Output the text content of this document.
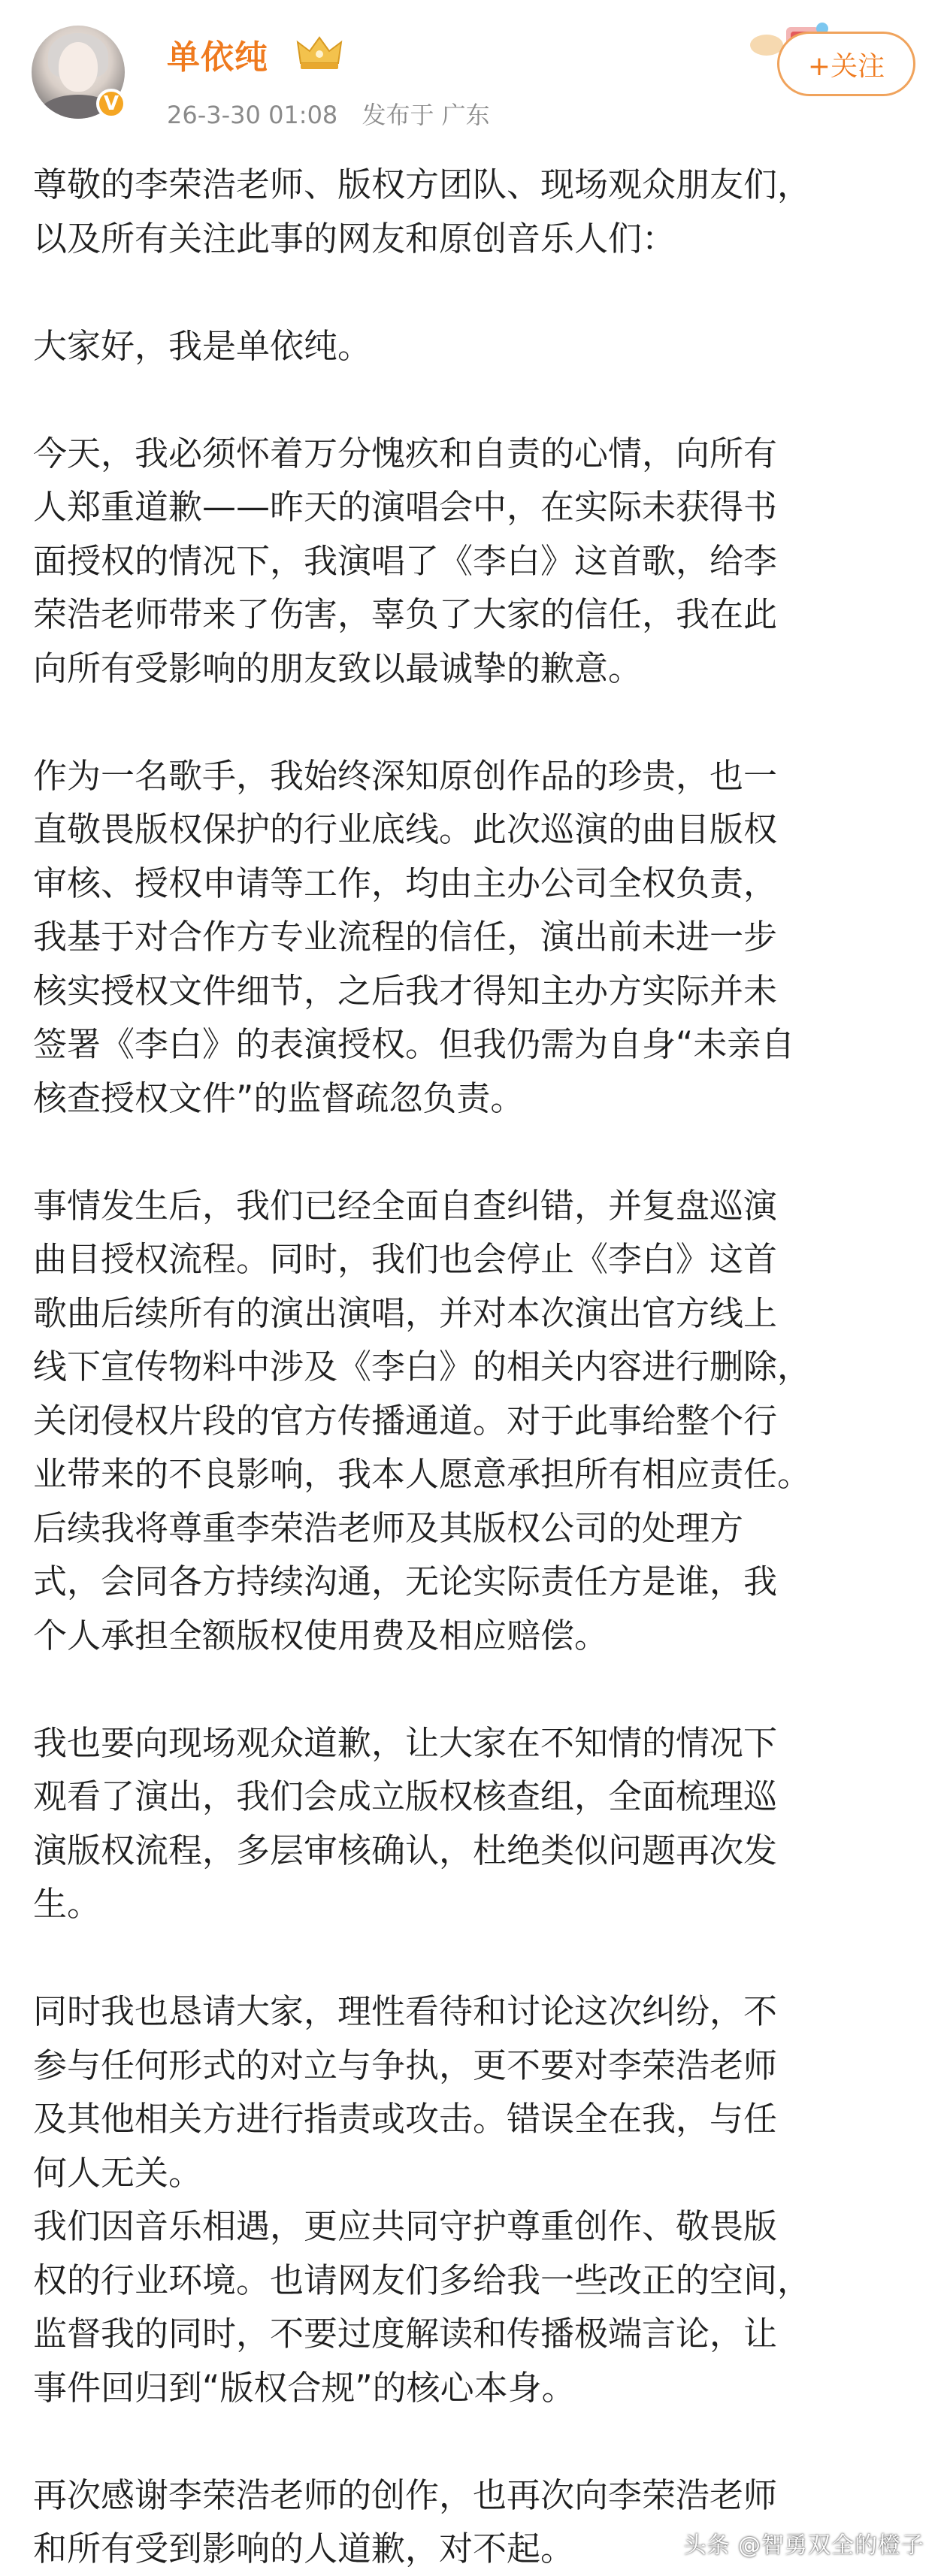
V
单依纯
26-3-30 01:08 发布于 广东
+关注

尊敬的李荣浩老师、版权方团队、现场观众朋友们，
以及所有关注此事的网友和原创音乐人们：

大家好，我是单依纯。

今天，我必须怀着万分愧疚和自责的心情，向所有
人郑重道歉——昨天的演唱会中，在实际未获得书
面授权的情况下，我演唱了《李白》这首歌，给李
荣浩老师带来了伤害，辜负了大家的信任，我在此
向所有受影响的朋友致以最诚挚的歉意。

作为一名歌手，我始终深知原创作品的珍贵，也一
直敬畏版权保护的行业底线。此次巡演的曲目版权
审核、授权申请等工作，均由主办公司全权负责，
我基于对合作方专业流程的信任，演出前未进一步
核实授权文件细节，之后我才得知主办方实际并未
签署《李白》的表演授权。但我仍需为自身“未亲自
核查授权文件”的监督疏忽负责。

事情发生后，我们已经全面自查纠错，并复盘巡演
曲目授权流程。同时，我们也会停止《李白》这首
歌曲后续所有的演出演唱，并对本次演出官方线上
线下宣传物料中涉及《李白》的相关内容进行删除，
关闭侵权片段的官方传播通道。对于此事给整个行
业带来的不良影响，我本人愿意承担所有相应责任。
后续我将尊重李荣浩老师及其版权公司的处理方
式，会同各方持续沟通，无论实际责任方是谁，我
个人承担全额版权使用费及相应赔偿。

我也要向现场观众道歉，让大家在不知情的情况下
观看了演出，我们会成立版权核查组，全面梳理巡
演版权流程，多层审核确认，杜绝类似问题再次发
生。

同时我也恳请大家，理性看待和讨论这次纠纷，不
参与任何形式的对立与争执，更不要对李荣浩老师
及其他相关方进行指责或攻击。错误全在我，与任
何人无关。

我们因音乐相遇，更应共同守护尊重创作、敬畏版
权的行业环境。也请网友们多给我一些改正的空间，
监督我的同时，不要过度解读和传播极端言论，让
事件回归到“版权合规”的核心本身。

再次感谢李荣浩老师的创作，也再次向李荣浩老师
和所有受到影响的人道歉，对不起。	头条 @智勇双全的橙子
